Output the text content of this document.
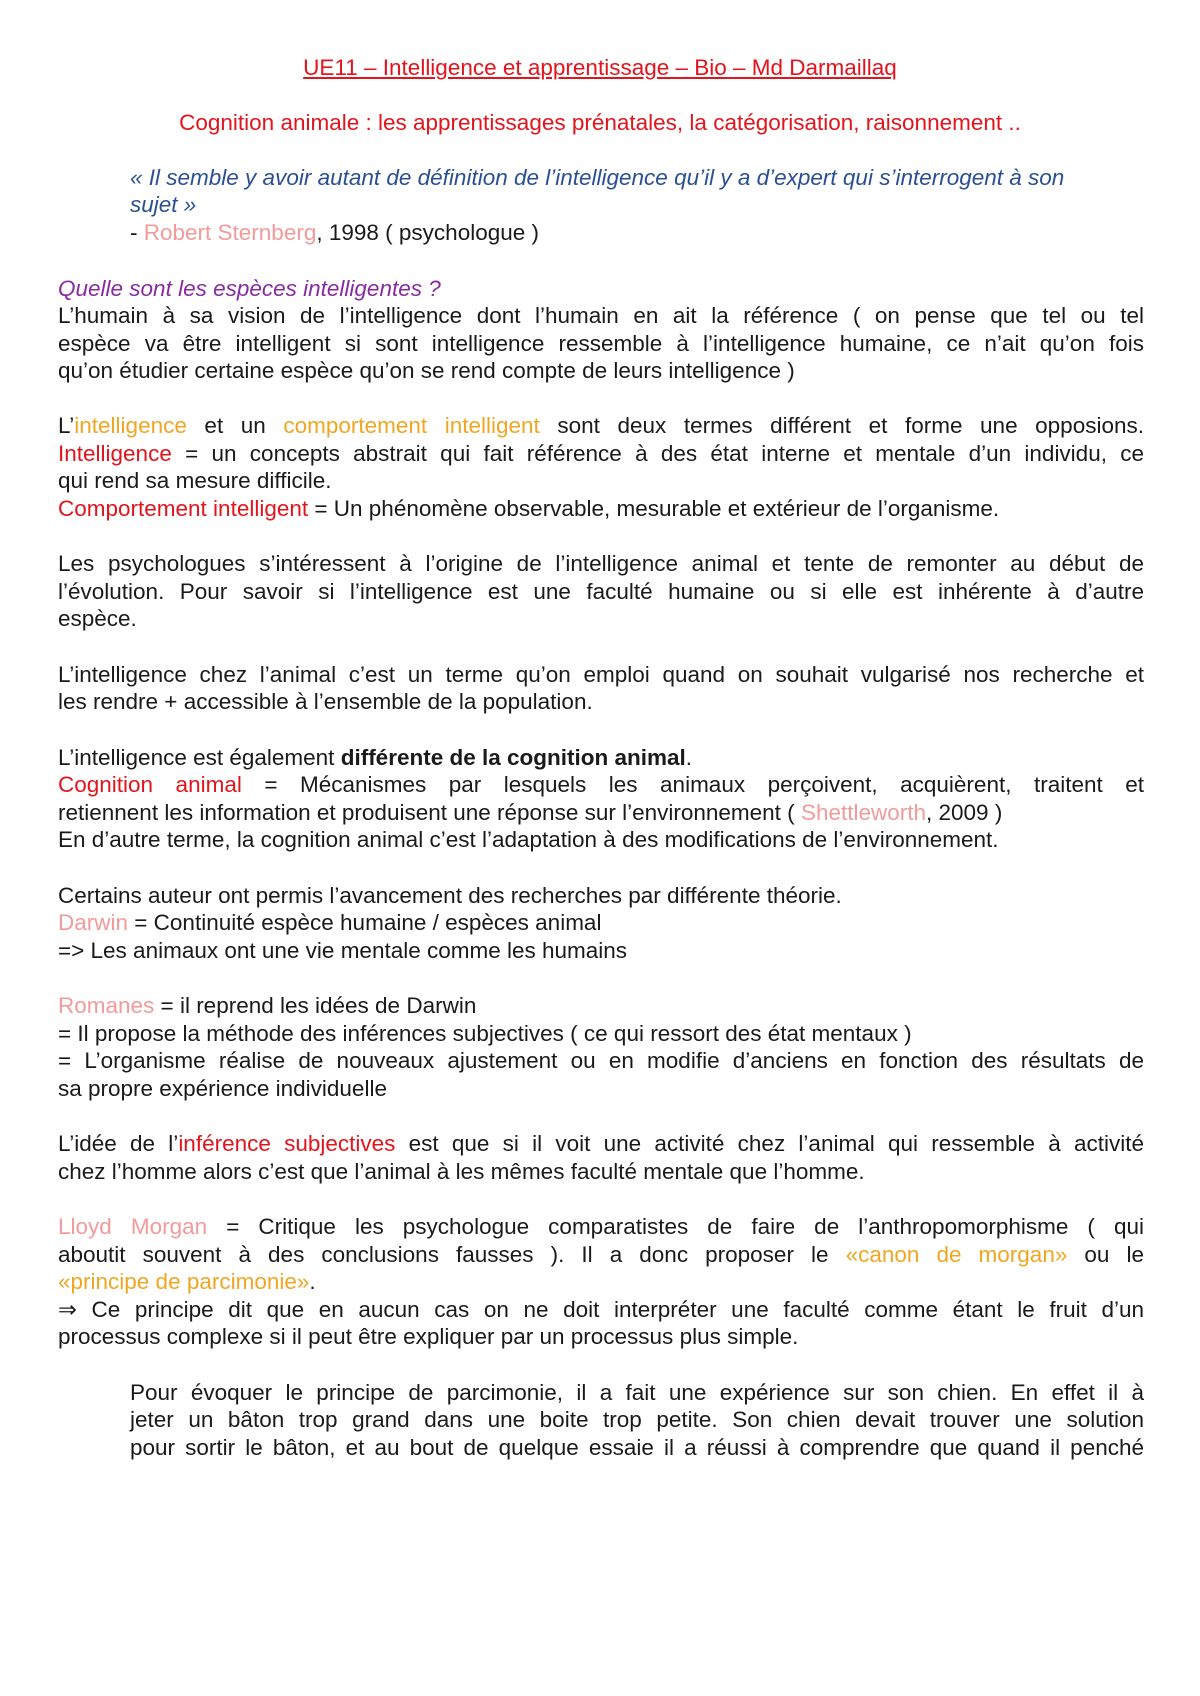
UE11 – Intelligence et apprentissage – Bio – Md Darmaillaq
Cognition animale : les apprentissages prénatales, la catégorisation, raisonnement ..
« Il semble y avoir autant de définition de l’intelligence qu’il y a d’expert qui s’interrogent à son
sujet »
- Robert Sternberg, 1998 ( psychologue )
Quelle sont les espèces intelligentes ?
L’humain à sa vision de l’intelligence dont l’humain en ait la référence ( on pense que tel ou tel
espèce va être intelligent si sont intelligence ressemble à l’intelligence humaine, ce n’ait qu’on fois
qu’on étudier certaine espèce qu’on se rend compte de leurs intelligence )
L’intelligence et un comportement intelligent sont deux termes différent et forme une opposions.
Intelligence = un concepts abstrait qui fait référence à des état interne et mentale d’un individu, ce
qui rend sa mesure difficile.
Comportement intelligent = Un phénomène observable, mesurable et extérieur de l’organisme.
Les psychologues s’intéressent à l’origine de l’intelligence animal et tente de remonter au début de
l’évolution. Pour savoir si l’intelligence est une faculté humaine ou si elle est inhérente à d’autre
espèce.
L’intelligence chez l’animal c’est un terme qu’on emploi quand on souhait vulgarisé nos recherche et
les rendre + accessible à l’ensemble de la population.
L’intelligence est également différente de la cognition animal.
Cognition animal = Mécanismes par lesquels les animaux perçoivent, acquièrent, traitent et
retiennent les information et produisent une réponse sur l’environnement ( Shettleworth, 2009 )
En d’autre terme, la cognition animal c’est l’adaptation à des modifications de l’environnement.
Certains auteur ont permis l’avancement des recherches par différente théorie.
Darwin = Continuité espèce humaine / espèces animal
=> Les animaux ont une vie mentale comme les humains
Romanes = il reprend les idées de Darwin
= Il propose la méthode des inférences subjectives ( ce qui ressort des état mentaux )
= L’organisme réalise de nouveaux ajustement ou en modifie d’anciens en fonction des résultats de
sa propre expérience individuelle
L’idée de l’inférence subjectives est que si il voit une activité chez l’animal qui ressemble à activité
chez l’homme alors c’est que l’animal à les mêmes faculté mentale que l’homme.
Lloyd Morgan = Critique les psychologue comparatistes de faire de l’anthropomorphisme ( qui
aboutit souvent à des conclusions fausses ). Il a donc proposer le «canon de morgan» ou le
«principe de parcimonie».
⇒ Ce principe dit que en aucun cas on ne doit interpréter une faculté comme étant le fruit d’un
processus complexe si il peut être expliquer par un processus plus simple.
Pour évoquer le principe de parcimonie, il a fait une expérience sur son chien. En effet il à
jeter un bâton trop grand dans une boite trop petite. Son chien devait trouver une solution
pour sortir le bâton, et au bout de quelque essaie il a réussi à comprendre que quand il penché
